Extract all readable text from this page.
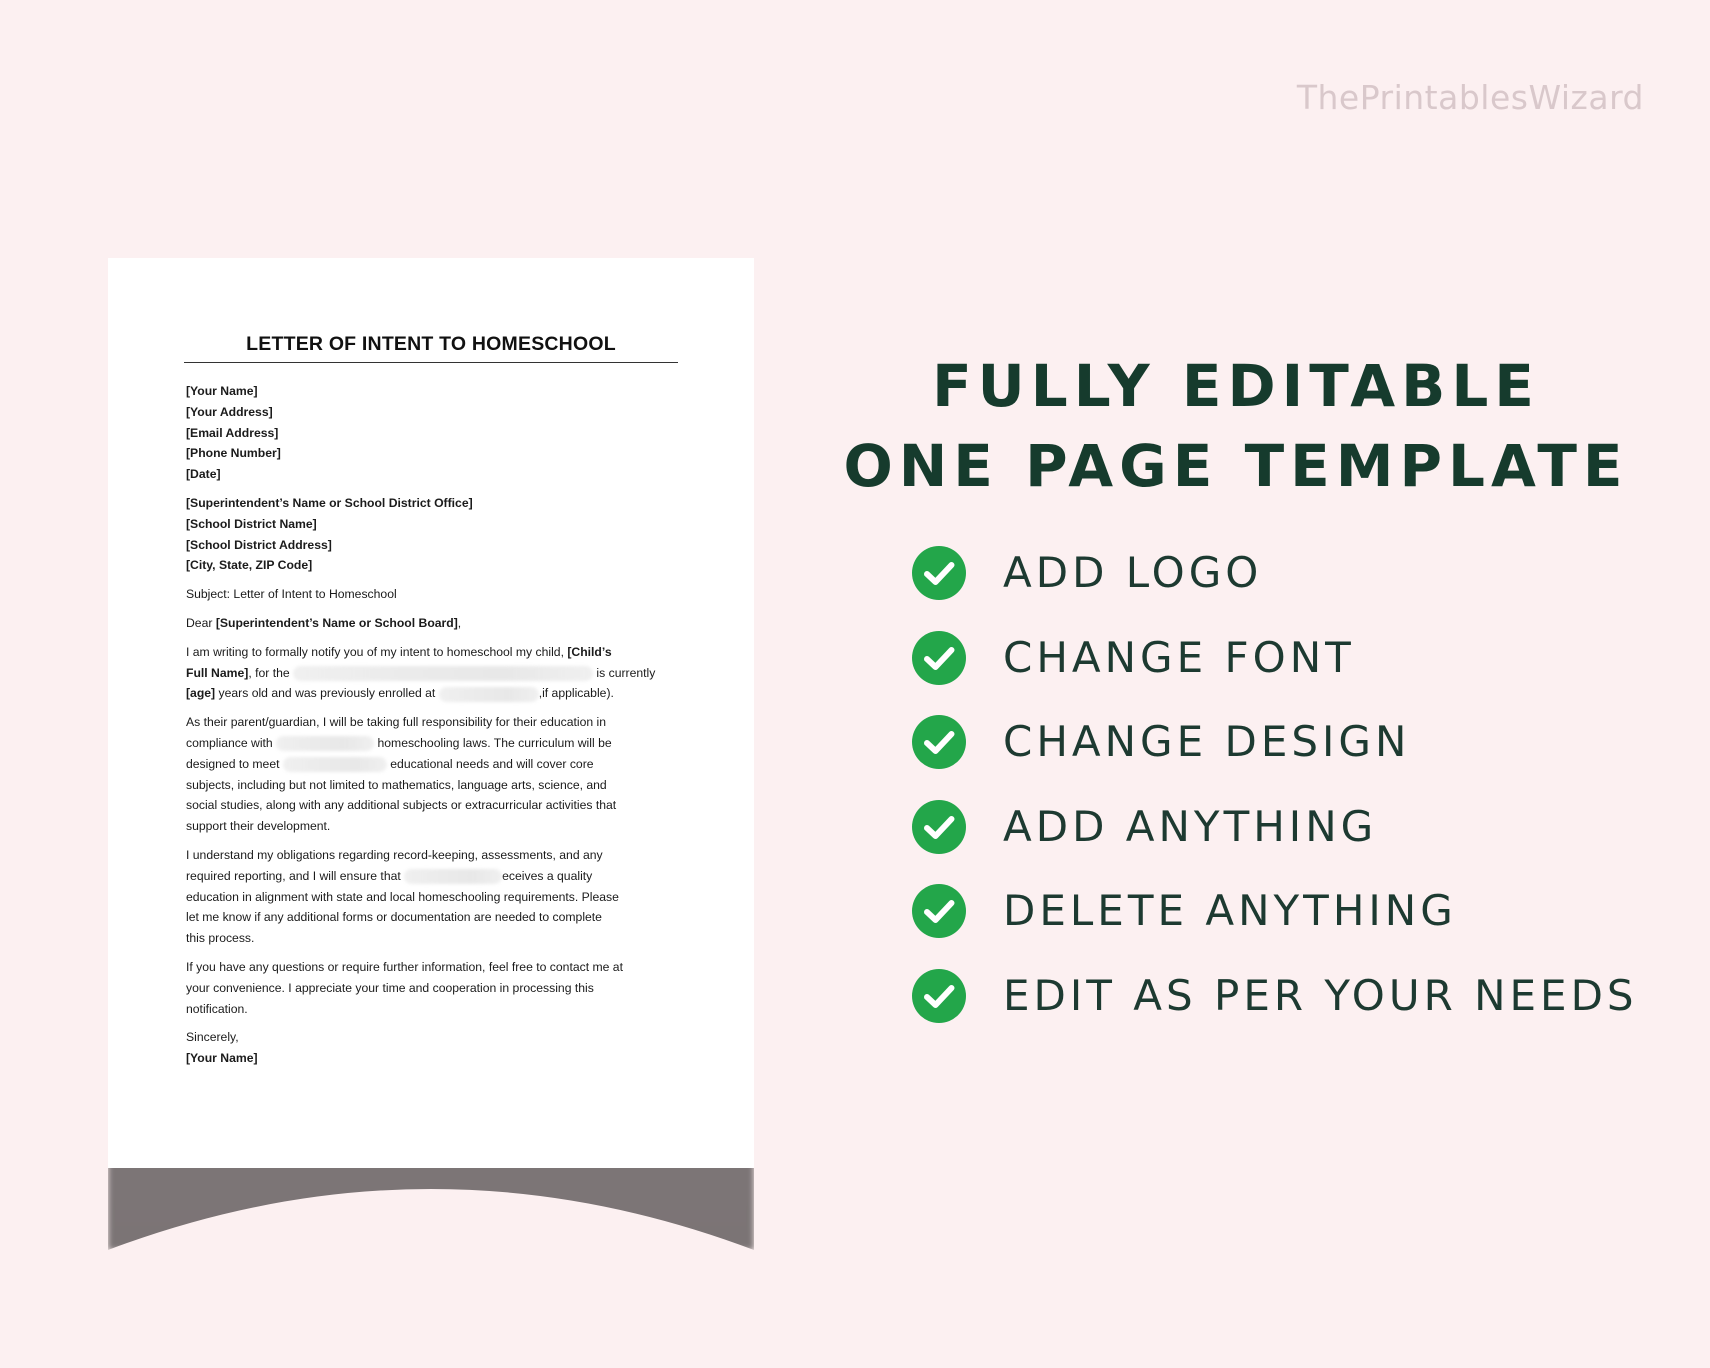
ThePrintablesWizard
LETTER OF INTENT TO HOMESCHOOL
[Your Name]
[Your Address]
[Email Address]
[Phone Number]
[Date]
[Superintendent’s Name or School District Office]
[School District Name]
[School District Address]
[City, State, ZIP Code]
Subject: Letter of Intent to Homeschool
Dear [Superintendent’s Name or School Board],
I am writing to formally notify you of my intent to homeschool my child, [Child’s
Full Name], for the	is currently
[age] years old and was previously enrolled at	,if applicable).
As their parent/guardian, I will be taking full responsibility for their education in
compliance with	homeschooling laws. The curriculum will be
designed to meet	educational needs and will cover core
subjects, including but not limited to mathematics, language arts, science, and
social studies, along with any additional subjects or extracurricular activities that
support their development.
I understand my obligations regarding record-keeping, assessments, and any
required reporting, and I will ensure that	eceives a quality
education in alignment with state and local homeschooling requirements. Please
let me know if any additional forms or documentation are needed to complete
this process.
If you have any questions or require further information, feel free to contact me at
your convenience. I appreciate your time and cooperation in processing this
notification.
Sincerely,
[Your Name]
FULLY EDITABLE
ONE PAGE TEMPLATE
ADD LOGO
CHANGE FONT
CHANGE DESIGN
ADD ANYTHING
DELETE ANYTHING
EDIT AS PER YOUR NEEDS
